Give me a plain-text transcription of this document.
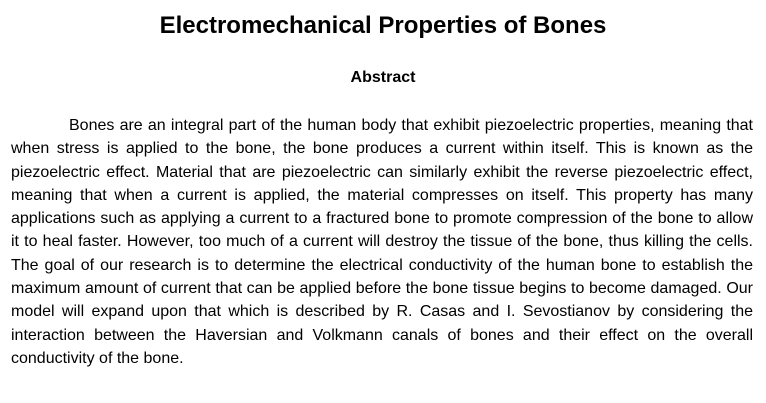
Electromechanical Properties of Bones
Abstract

Bones are an integral part of the human body that exhibit piezoelectric properties, meaning that when stress is applied to the bone, the bone produces a current within itself. This is known as the piezoelectric effect. Material that are piezoelectric can similarly exhibit the reverse piezoelectric effect, meaning that when a current is applied, the material compresses on itself. This property has many applications such as applying a current to a fractured bone to promote compression of the bone to allow it to heal faster. However, too much of a current will destroy the tissue of the bone, thus killing the cells. The goal of our research is to determine the electrical conductivity of the human bone to establish the maximum amount of current that can be applied before the bone tissue begins to become damaged. Our model will expand upon that which is described by R. Casas and I. Sevostianov by considering the interaction between the Haversian and Volkmann canals of bones and their effect on the overall conductivity of the bone.
